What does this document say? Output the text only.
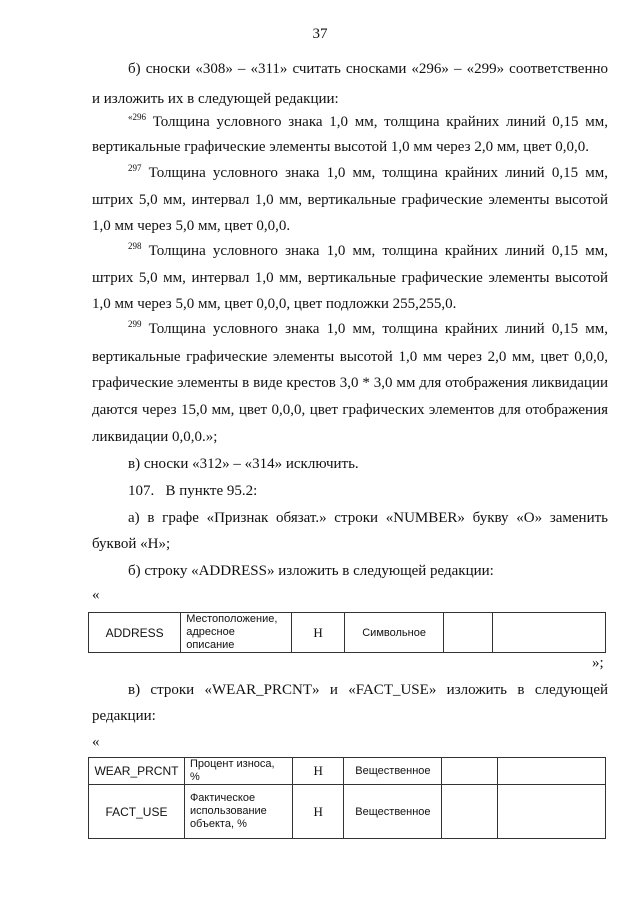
37
б) сноски «308» – «311» считать сносками «296» – «299» соответственно
и изложить их в следующей редакции:
$^{«296}$ Толщина условного знака 1,0 мм, толщина крайних линий 0,15 мм,
вертикальные графические элементы высотой 1,0 мм через 2,0 мм, цвет 0,0,0.
$^{297}$ Толщина условного знака 1,0 мм, толщина крайних линий 0,15 мм,
штрих 5,0 мм, интервал 1,0 мм, вертикальные графические элементы высотой
1,0 мм через 5,0 мм, цвет 0,0,0.
$^{298}$ Толщина условного знака 1,0 мм, толщина крайних линий 0,15 мм,
штрих 5,0 мм, интервал 1,0 мм, вертикальные графические элементы высотой
1,0 мм через 5,0 мм, цвет 0,0,0, цвет подложки 255,255,0.
$^{299}$ Толщина условного знака 1,0 мм, толщина крайних линий 0,15 мм,
вертикальные графические элементы высотой 1,0 мм через 2,0 мм, цвет 0,0,0,
графические элементы в виде крестов 3,0 * 3,0 мм для отображения ликвидации
даются через 15,0 мм, цвет 0,0,0, цвет графических элементов для отображения
ликвидации 0,0,0.»;
в) сноски «312» – «314» исключить.
107.   В пункте 95.2:
а) в графе «Признак обязат.» строки «NUMBER» букву «О» заменить
буквой «Н»;
б) строку «ADDRESS» изложить в следующей редакции:
«
ADDRESS	Местоположение, адресное описание	Н	Символьное		
»;
в) строки «WEAR_PRCNT» и «FACT_USE» изложить в следующей
редакции:
«
WEAR_PRCNT	Процент износа, %	Н	Вещественное		
FACT_USE	Фактическое использование объекта, %	Н	Вещественное		
